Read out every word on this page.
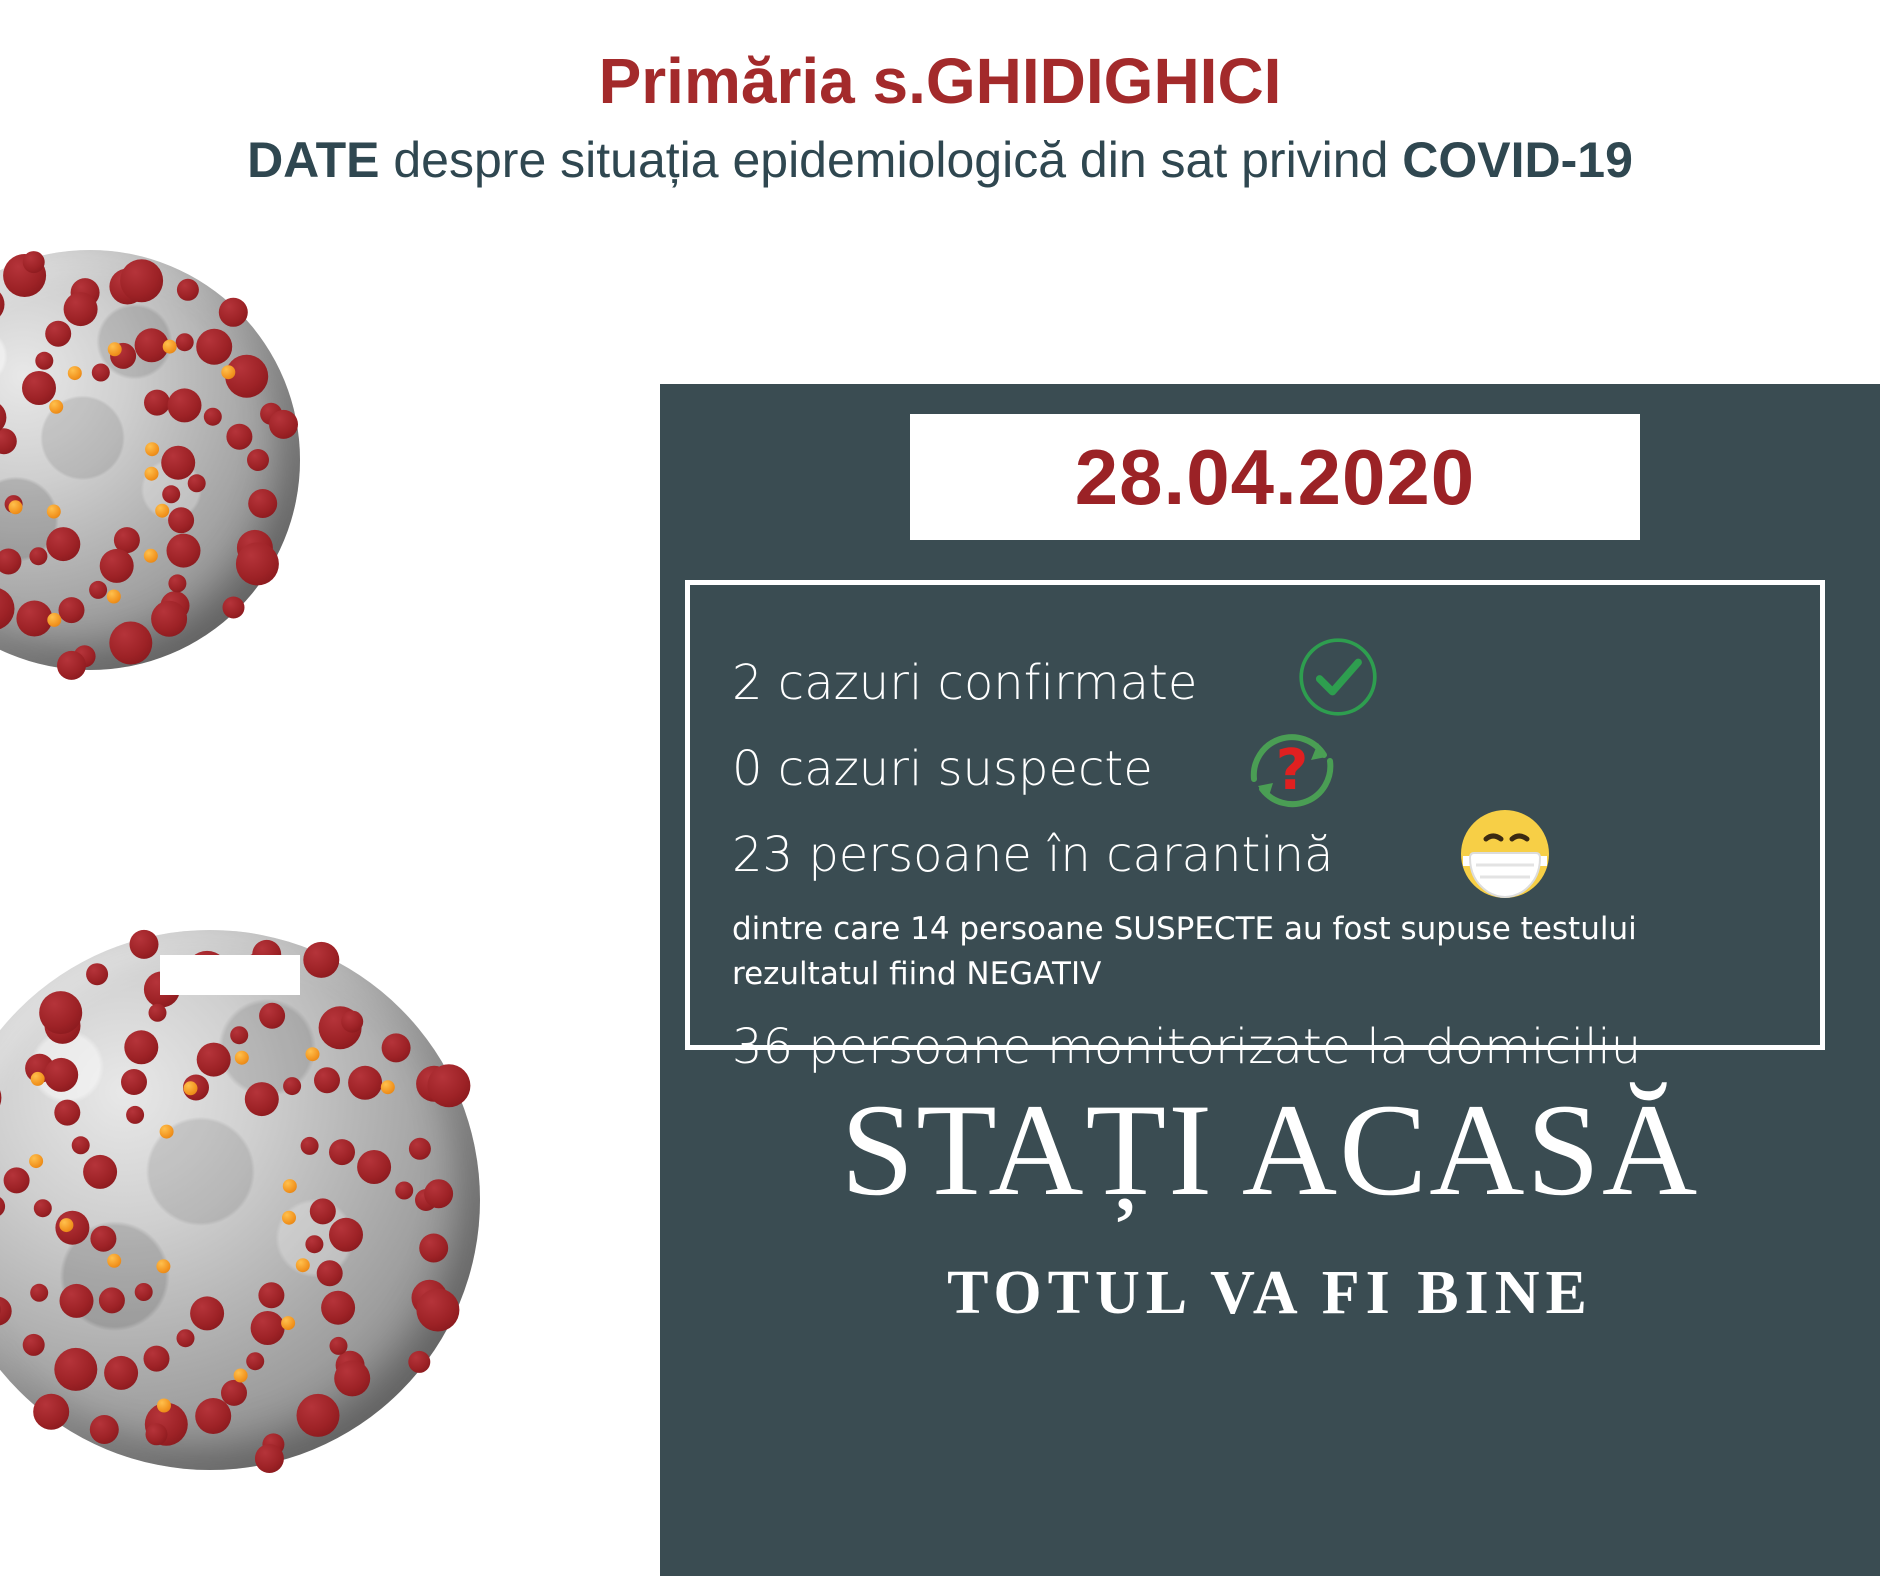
Primăria s.GHIDIGHICI
DATE despre situația epidemiologică din sat privind COVID-19
28.04.2020
2 cazuri confirmate
0 cazuri suspecte ?
23 persoane în carantină
dintre care 14 persoane SUSPECTE au fost supuse testului
rezultatul fiind NEGATIV
36 persoane monitorizate la domiciliu
STAȚI ACASĂ
TOTUL VA FI BINE
